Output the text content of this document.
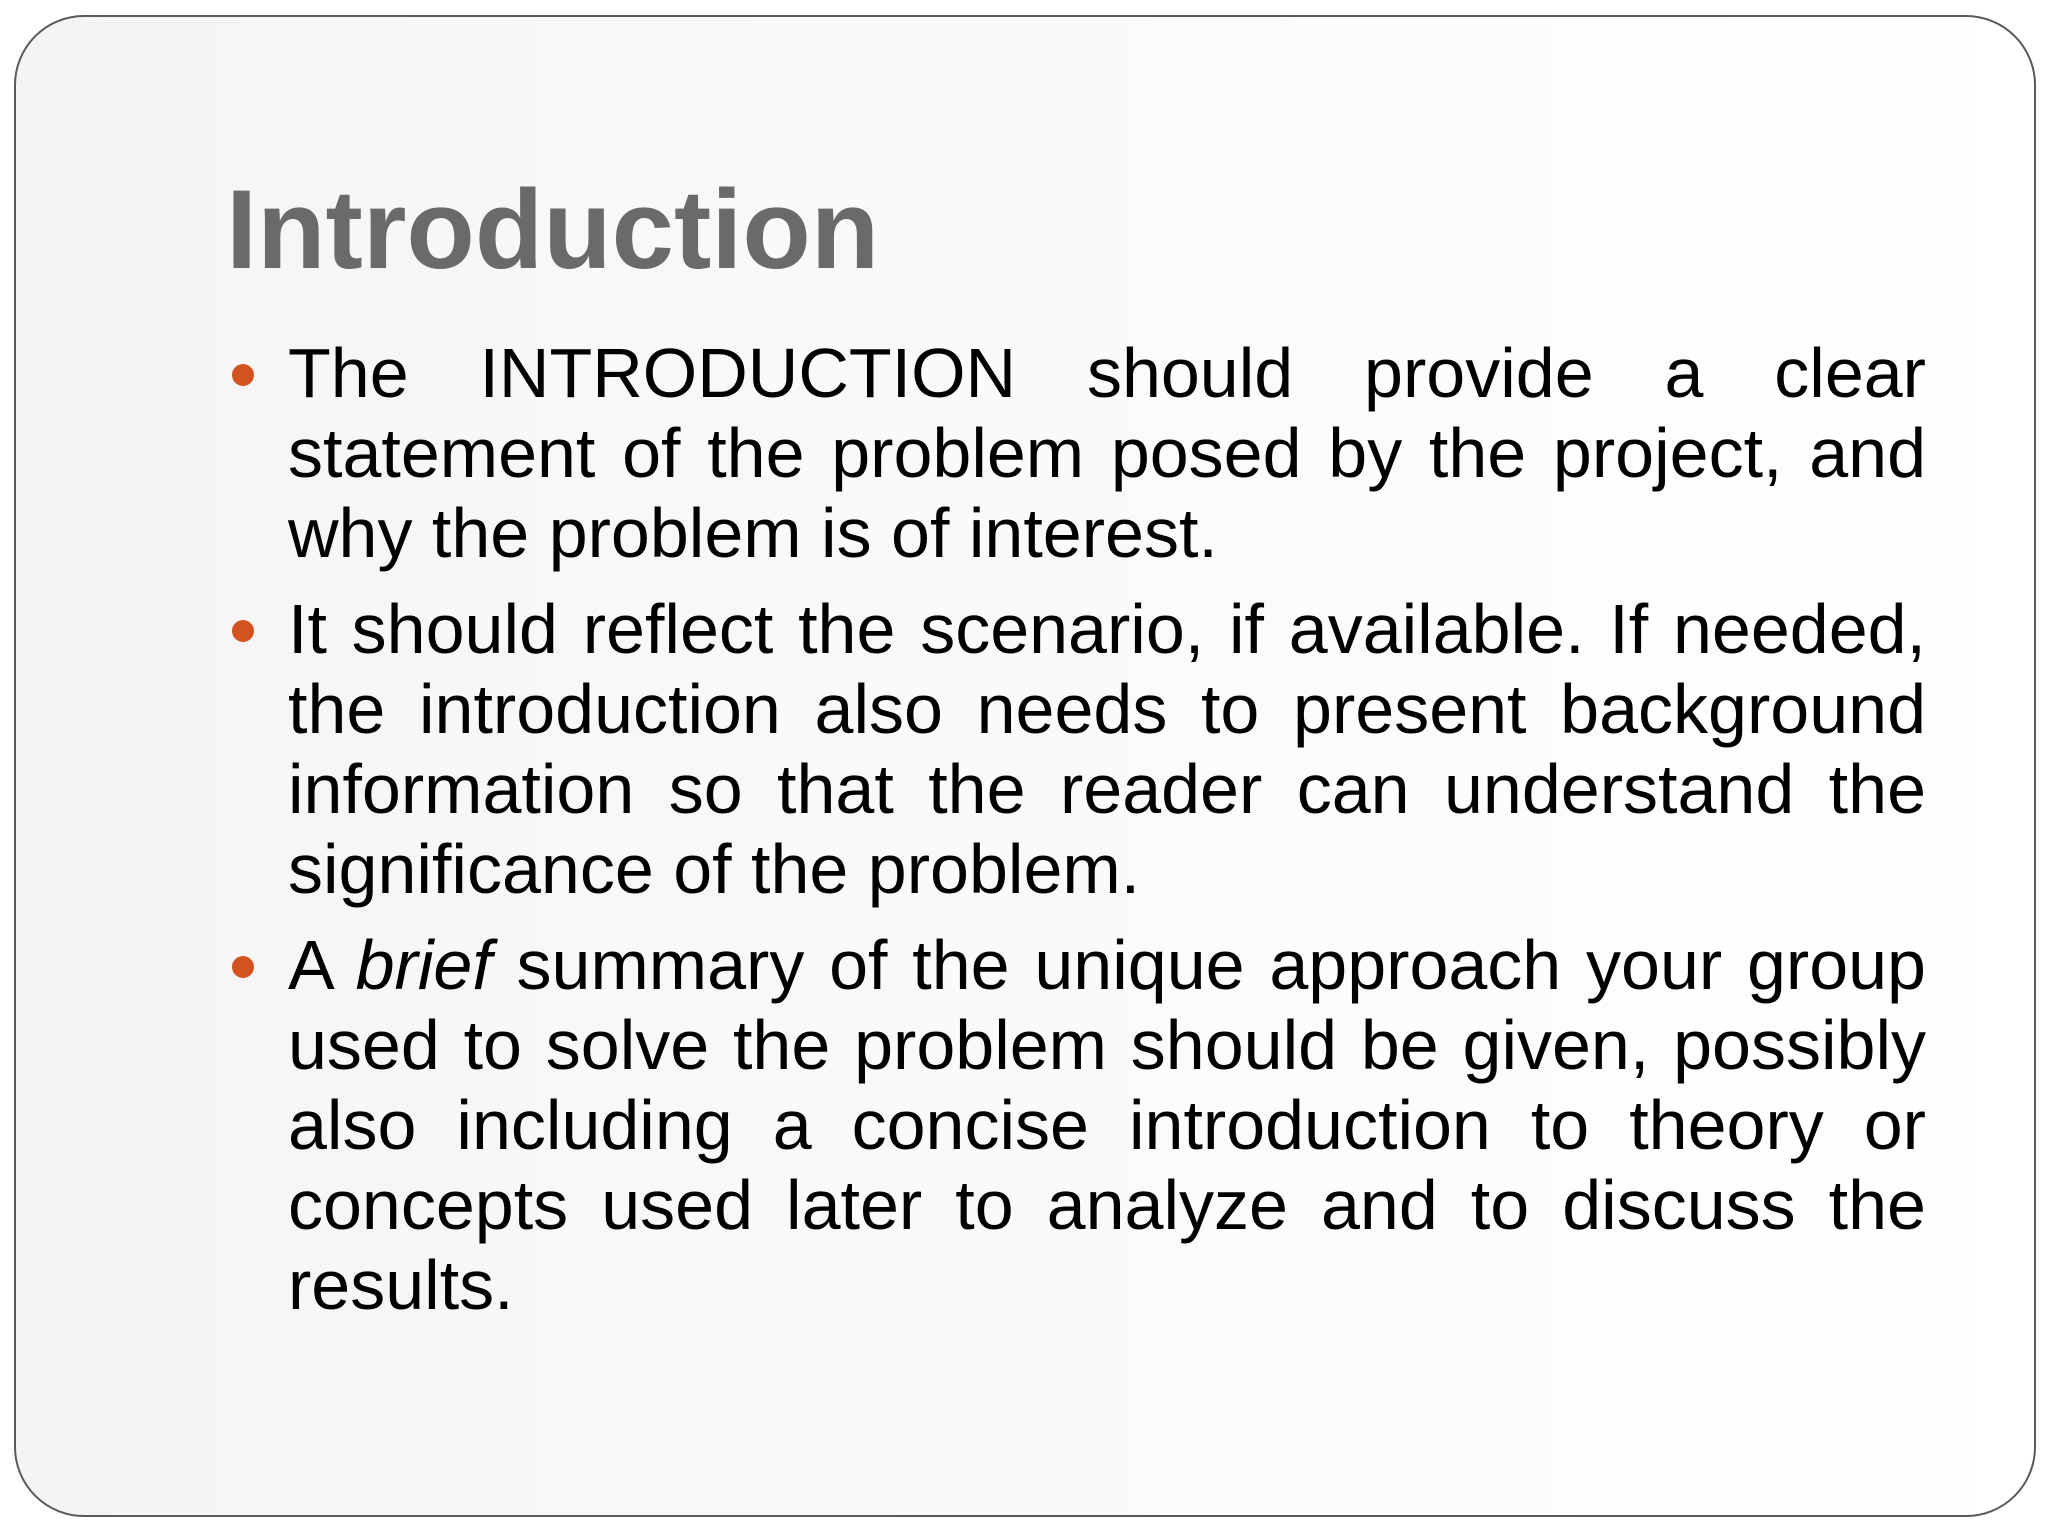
Introduction
The INTRODUCTION should provide a clear statement of the problem posed by the project, and why the problem is of interest.
It should reflect the scenario, if available. If needed, the introduction also needs to present background information so that the reader can understand the significance of the problem.
A brief summary of the unique approach your group used to solve the problem should be given, possibly also including a concise introduction to theory or concepts used later to analyze and to discuss the results.
